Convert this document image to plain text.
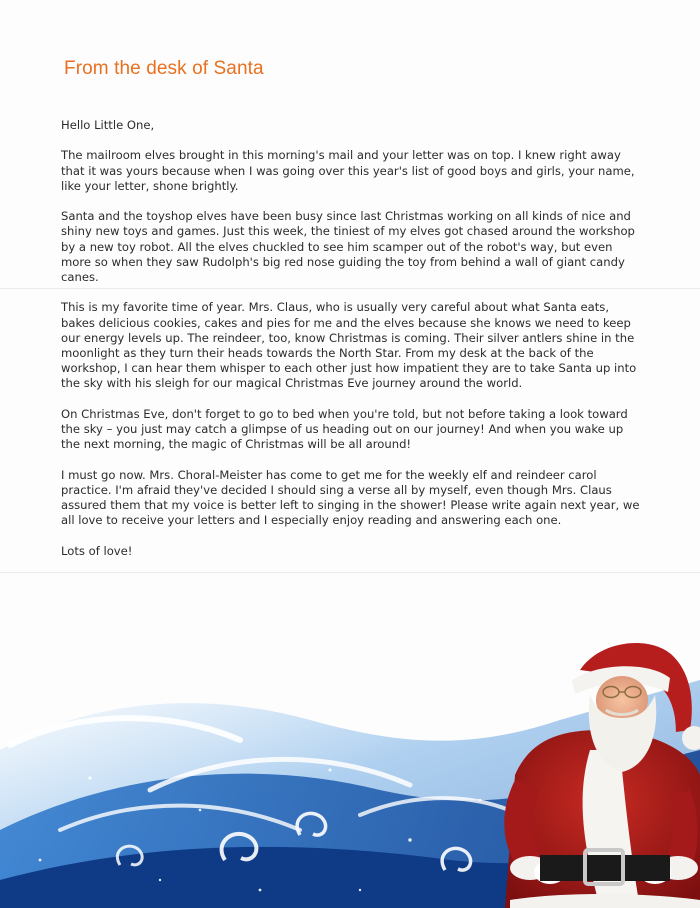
From the desk of Santa

Hello Little One,

The mailroom elves brought in this morning's mail and your letter was on top. I knew right away that it was yours because when I was going over this year's list of good boys and girls, your name, like your letter, shone brightly.

Santa and the toyshop elves have been busy since last Christmas working on all kinds of nice and shiny new toys and games. Just this week, the tiniest of my elves got chased around the workshop by a new toy robot. All the elves chuckled to see him scamper out of the robot's way, but even more so when they saw Rudolph's big red nose guiding the toy from behind a wall of giant candy canes.

This is my favorite time of year. Mrs. Claus, who is usually very careful about what Santa eats, bakes delicious cookies, cakes and pies for me and the elves because she knows we need to keep our energy levels up. The reindeer, too, know Christmas is coming. Their silver antlers shine in the moonlight as they turn their heads towards the North Star. From my desk at the back of the workshop, I can hear them whisper to each other just how impatient they are to take Santa up into the sky with his sleigh for our magical Christmas Eve journey around the world.

On Christmas Eve, don't forget to go to bed when you're told, but not before taking a look toward the sky – you just may catch a glimpse of us heading out on our journey! And when you wake up the next morning, the magic of Christmas will be all around!

I must go now. Mrs. Choral-Meister has come to get me for the weekly elf and reindeer carol practice. I'm afraid they've decided I should sing a verse all by myself, even though Mrs. Claus assured them that my voice is better left to singing in the shower! Please write again next year, we all love to receive your letters and I especially enjoy reading and answering each one.

Lots of love!
